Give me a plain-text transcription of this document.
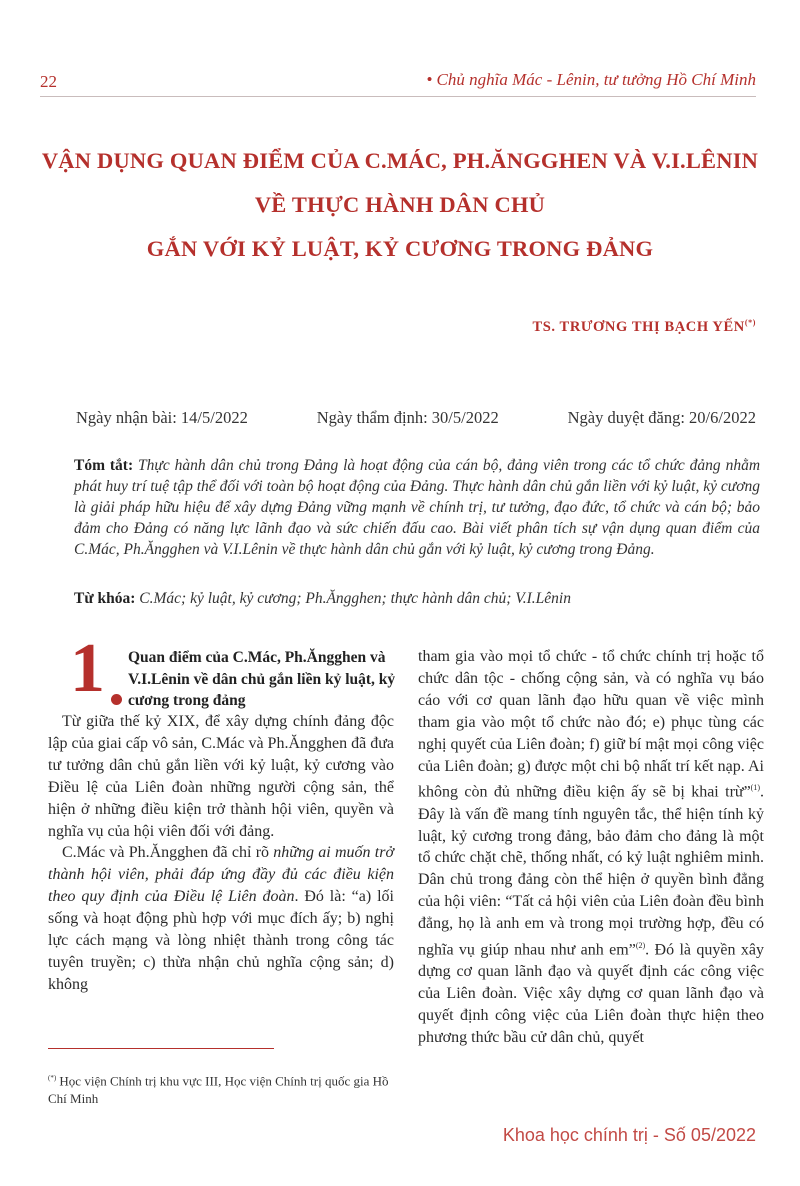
22	• Chủ nghĩa Mác - Lênin, tư tưởng Hồ Chí Minh
VẬN DỤNG QUAN ĐIỂM CỦA C.MÁC, PH.ĂNGGHEN VÀ V.I.LÊNIN
VỀ THỰC HÀNH DÂN CHỦ
GẮN VỚI KỶ LUẬT, KỶ CƯƠNG TRONG ĐẢNG
TS. TRƯƠNG THỊ BẠCH YẾN(*)
Ngày nhận bài: 14/5/2022	Ngày thẩm định: 30/5/2022	Ngày duyệt đăng: 20/6/2022
Tóm tắt: Thực hành dân chủ trong Đảng là hoạt động của cán bộ, đảng viên trong các tổ chức đảng nhằm phát huy trí tuệ tập thể đối với toàn bộ hoạt động của Đảng. Thực hành dân chủ gắn liền với kỷ luật, kỷ cương là giải pháp hữu hiệu để xây dựng Đảng vững mạnh về chính trị, tư tưởng, đạo đức, tổ chức và cán bộ; bảo đảm cho Đảng có năng lực lãnh đạo và sức chiến đấu cao. Bài viết phân tích sự vận dụng quan điểm của C.Mác, Ph.Ăngghen và V.I.Lênin về thực hành dân chủ gắn với kỷ luật, kỷ cương trong Đảng.
Từ khóa: C.Mác; kỷ luật, kỷ cương; Ph.Ăngghen; thực hành dân chủ; V.I.Lênin
1 Quan điểm của C.Mác, Ph.Ăngghen và V.I.Lênin về dân chủ gắn liền kỷ luật, kỷ cương trong đảng

Từ giữa thế kỷ XIX, để xây dựng chính đảng độc lập của giai cấp vô sản, C.Mác và Ph.Ăngghen đã đưa tư tưởng dân chủ gắn liền với kỷ luật, kỷ cương vào Điều lệ của Liên đoàn những người cộng sản, thể hiện ở những điều kiện trở thành hội viên, quyền và nghĩa vụ của hội viên đối với đảng.

C.Mác và Ph.Ăngghen đã chỉ rõ những ai muốn trở thành hội viên, phải đáp ứng đầy đủ các điều kiện theo quy định của Điều lệ Liên đoàn. Đó là: “a) lối sống và hoạt động phù hợp với mục đích ấy; b) nghị lực cách mạng và lòng nhiệt thành trong công tác tuyên truyền; c) thừa nhận chủ nghĩa cộng sản; d) không

tham gia vào mọi tổ chức - tổ chức chính trị hoặc tổ chức dân tộc - chống cộng sản, và có nghĩa vụ báo cáo với cơ quan lãnh đạo hữu quan về việc mình tham gia vào một tổ chức nào đó; e) phục tùng các nghị quyết của Liên đoàn; f) giữ bí mật mọi công việc của Liên đoàn; g) được một chi bộ nhất trí kết nạp. Ai không còn đủ những điều kiện ấy sẽ bị khai trừ”$^{(1)}$. Đây là vấn đề mang tính nguyên tắc, thể hiện tính kỷ luật, kỷ cương trong đảng, bảo đảm cho đảng là một tổ chức chặt chẽ, thống nhất, có kỷ luật nghiêm minh. Dân chủ trong đảng còn thể hiện ở quyền bình đẳng của hội viên: “Tất cả hội viên của Liên đoàn đều bình đẳng, họ là anh em và trong mọi trường hợp, đều có nghĩa vụ giúp nhau như anh em”$^{(2)}$. Đó là quyền xây dựng cơ quan lãnh đạo và quyết định các công việc của Liên đoàn. Việc xây dựng cơ quan lãnh đạo và quyết định công việc của Liên đoàn thực hiện theo phương thức bầu cử dân chủ, quyết

(*) Học viện Chính trị khu vực III, Học viện Chính trị quốc gia Hồ Chí Minh
Khoa học chính trị - Số 05/2022
